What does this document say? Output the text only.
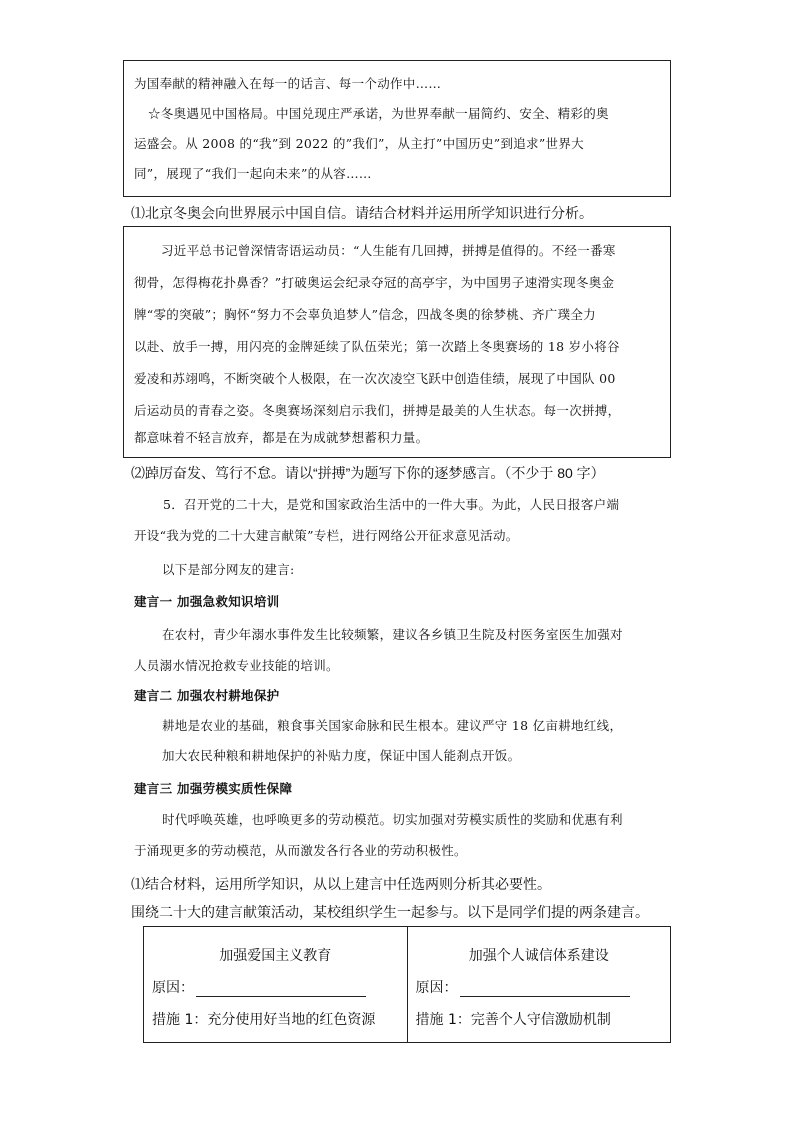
为国奉献的精神融入在每一的话言、每一个动作中……
☆冬奥遇见中国格局。中国兑现庄严承诺，为世界奉献一届简约、安全、精彩的奥
运盛会。从 2008 的“我”到 2022 的”我们”，从主打”中国历史”到追求”世界大
同”，展现了“我们一起向未来”的从容……
⑴北京冬奥会向世界展示中国自信。请结合材料并运用所学知识进行分析。
习近平总书记曾深情寄语运动员：“人生能有几回搏，拼搏是值得的。不经一番寒
彻骨，怎得梅花扑鼻香？”打破奥运会纪录夺冠的高亭宇，为中国男子速滑实现冬奥金
牌“零的突破”；胸怀“努力不会辜负追梦人”信念，四战冬奥的徐梦桃、齐广璞全力
以赴、放手一搏，用闪亮的金牌延续了队伍荣光；第一次踏上冬奥赛场的 18 岁小将谷
爱凌和苏翊鸣，不断突破个人极限，在一次次凌空飞跃中创造佳绩，展现了中国队 00
后运动员的青春之姿。冬奥赛场深刻启示我们，拼搏是最美的人生状态。每一次拼搏，
都意味着不轻言放弃，都是在为成就梦想蓄积力量。
⑵踔厉奋发、笃行不怠。请以“拼搏”为题写下你的逐梦感言。（不少于 80 字）
5．召开党的二十大，是党和国家政治生活中的一件大事。为此，人民日报客户端
开设“我为党的二十大建言献策”专栏，进行网络公开征求意见活动。
以下是部分网友的建言:
建言一 加强急救知识培训
在农村，青少年溺水事件发生比较频繁，建议各乡镇卫生院及村医务室医生加强对
人员溺水情况抢救专业技能的培训。
建言二 加强农村耕地保护
耕地是农业的基础，粮食事关国家命脉和民生根本。建议严守 18 亿亩耕地红线，
加大农民种粮和耕地保护的补贴力度，保证中国人能刹点开饭。
建言三 加强劳模实质性保障
时代呼唤英雄，也呼唤更多的劳动模范。切实加强对劳模实质性的奖励和优惠有利
于涌现更多的劳动模范，从而激发各行各业的劳动积极性。
⑴结合材料，运用所学知识，从以上建言中任选两则分析其必要性。
围绕二十大的建言献策活动，某校组织学生一起参与。以下是同学们提的两条建言。
加强爱国主义教育
原因：
措施 1：充分使用好当地的红色资源

加强个人诚信体系建设
原因：
措施 1：完善个人守信激励机制
